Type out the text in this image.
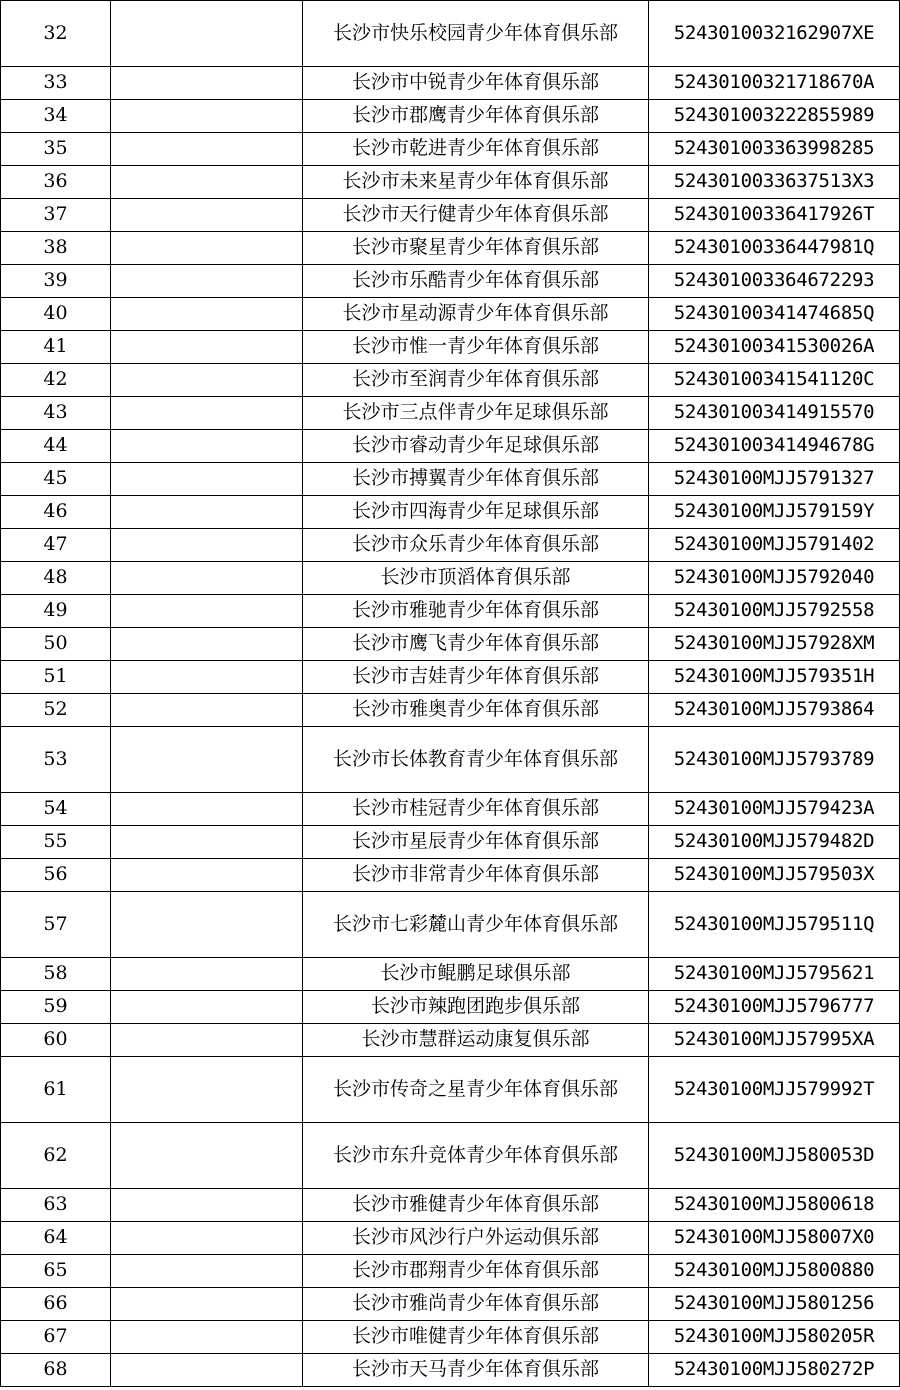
32		长沙市快乐校园青少年体育俱乐部	5243010032162907XE
33		长沙市中锐青少年体育俱乐部	52430100321718670A
34		长沙市郡鹰青少年体育俱乐部	524301003222855989
35		长沙市乾进青少年体育俱乐部	524301003363998285
36		长沙市未来星青少年体育俱乐部	5243010033637513X3
37		长沙市天行健青少年体育俱乐部	52430100336417926T
38		长沙市聚星青少年体育俱乐部	52430100336447981Q
39		长沙市乐酷青少年体育俱乐部	524301003364672293
40		长沙市星动源青少年体育俱乐部	52430100341474685Q
41		长沙市惟一青少年体育俱乐部	52430100341530026A
42		长沙市至润青少年体育俱乐部	52430100341541120C
43		长沙市三点伴青少年足球俱乐部	524301003414915570
44		长沙市睿动青少年足球俱乐部	52430100341494678G
45		长沙市搏翼青少年体育俱乐部	52430100MJJ5791327
46		长沙市四海青少年足球俱乐部	52430100MJJ579159Y
47		长沙市众乐青少年体育俱乐部	52430100MJJ5791402
48		长沙市顶滔体育俱乐部	52430100MJJ5792040
49		长沙市雅驰青少年体育俱乐部	52430100MJJ5792558
50		长沙市鹰飞青少年体育俱乐部	52430100MJJ57928XM
51		长沙市吉娃青少年体育俱乐部	52430100MJJ579351H
52		长沙市雅奥青少年体育俱乐部	52430100MJJ5793864
53		长沙市长体教育青少年体育俱乐部	52430100MJJ5793789
54		长沙市桂冠青少年体育俱乐部	52430100MJJ579423A
55		长沙市星辰青少年体育俱乐部	52430100MJJ579482D
56		长沙市非常青少年体育俱乐部	52430100MJJ579503X
57		长沙市七彩麓山青少年体育俱乐部	52430100MJJ579511Q
58		长沙市鲲鹏足球俱乐部	52430100MJJ5795621
59		长沙市辣跑团跑步俱乐部	52430100MJJ5796777
60		长沙市慧群运动康复俱乐部	52430100MJJ57995XA
61		长沙市传奇之星青少年体育俱乐部	52430100MJJ579992T
62		长沙市东升竞体青少年体育俱乐部	52430100MJJ580053D
63		长沙市雅健青少年体育俱乐部	52430100MJJ5800618
64		长沙市风沙行户外运动俱乐部	52430100MJJ58007X0
65		长沙市郡翔青少年体育俱乐部	52430100MJJ5800880
66		长沙市雅尚青少年体育俱乐部	52430100MJJ5801256
67		长沙市唯健青少年体育俱乐部	52430100MJJ580205R
68		长沙市天马青少年体育俱乐部	52430100MJJ580272P
